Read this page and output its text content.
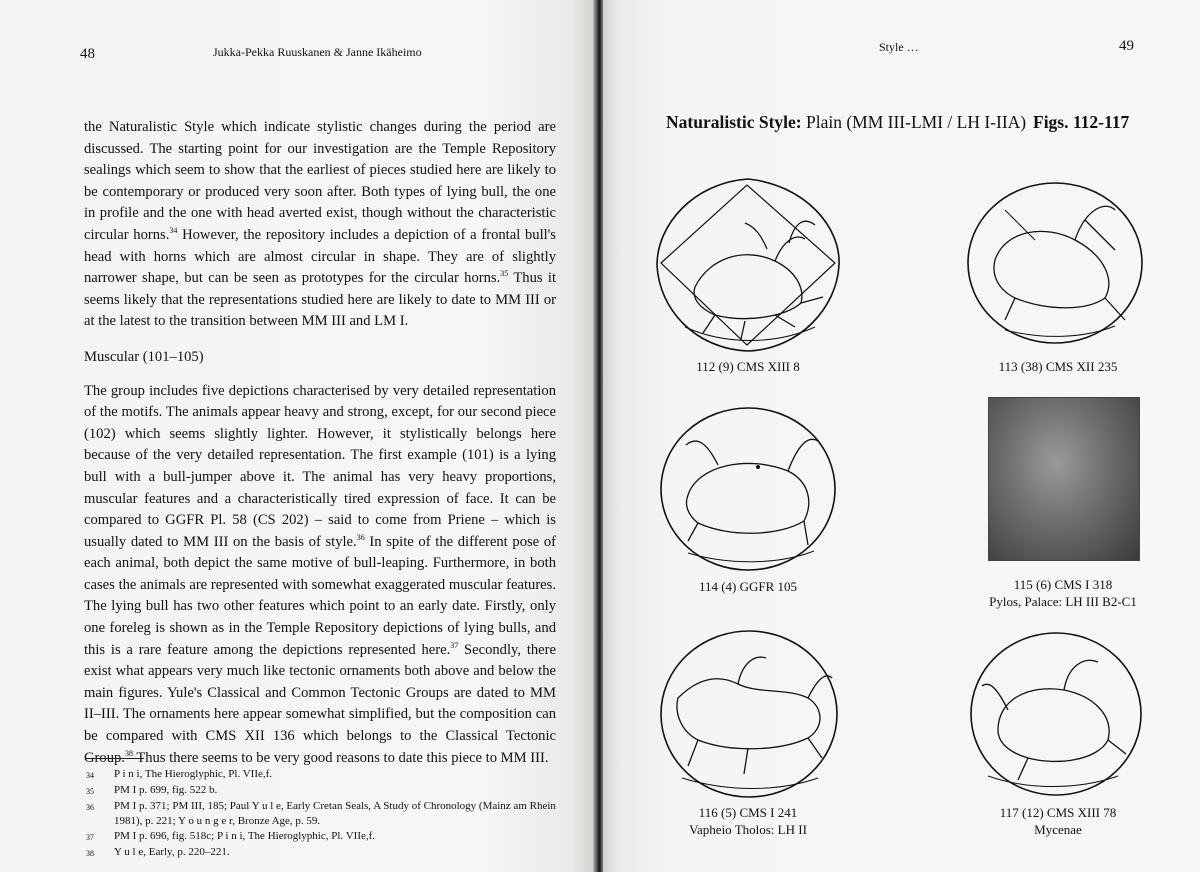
48	Jukka-Pekka Ruuskanen & Janne Ikäheimo

the Naturalistic Style which indicate stylistic changes during the period are discussed. The starting point for our investigation are the Temple Repository sealings which seem to show that the earliest of pieces studied here are likely to be contemporary or produced very soon after. Both types of lying bull, the one in profile and the one with head averted exist, though without the characteristic circular horns.$^{34}$ However, the repository includes a depiction of a frontal bull's head with horns which are almost circular in shape. They are of slightly narrower shape, but can be seen as prototypes for the circular horns.$^{35}$ Thus it seems likely that the representations studied here are likely to date to MM III or at the latest to the transition between MM III and LM I.

Muscular (101–105)

The group includes five depictions characterised by very detailed representation of the motifs. The animals appear heavy and strong, except, for our second piece (102) which seems slightly lighter. However, it stylistically belongs here because of the very detailed representation. The first example (101) is a lying bull with a bull-jumper above it. The animal has very heavy proportions, muscular features and a characteristically tired expression of face. It can be compared to GGFR Pl. 58 (CS 202) – said to come from Priene – which is usually dated to MM III on the basis of style.$^{36}$ In spite of the different pose of each animal, both depict the same motive of bull-leaping. Furthermore, in both cases the animals are represented with somewhat exaggerated muscular features. The lying bull has two other features which point to an early date. Firstly, only one foreleg is shown as in the Temple Repository depictions of lying bulls, and this is a rare feature among the depictions represented here.$^{37}$ Secondly, there exist what appears very much like tectonic ornaments both above and below the main figures. Yule's Classical and Common Tectonic Groups are dated to MM II–III. The ornaments here appear somewhat simplified, but the composition can be compared with CMS XII 136 which belongs to the Classical Tectonic Group.$^{38}$ Thus there seems to be very good reasons to date this piece to MM III.

34	P i n i, The Hieroglyphic, Pl. VIIe,f.
35	PM I p. 699, fig. 522 b.
36	PM I p. 371; PM III, 185; Paul Y u l e, Early Cretan Seals, A Study of Chronology (Mainz am Rhein 1981), p. 221; Y o u n g e r, Bronze Age, p. 59.
37	PM I p. 696, fig. 518c; P i n i, The Hieroglyphic, Pl. VIIe,f.
38	Y u l e, Early, p. 220–221.
Style …	49
Naturalistic Style: Plain (MM III-LMI / LH I-IIA) Figs. 112-117
112 (9) CMS XIII 8	113 (38) CMS XII 235
114 (4) GGFR 105	115 (6) CMS I 318
Pylos, Palace: LH III B2-C1
116 (5) CMS I 241
Vapheio Tholos: LH II
117 (12) CMS XIII 78
Mycenae
